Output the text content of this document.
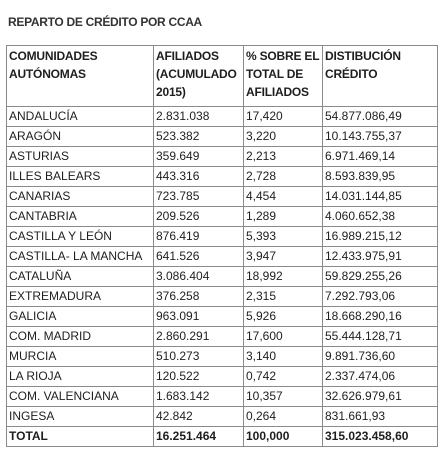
REPARTO DE CRÉDITO POR CCAA
COMUNIDADES AUTÓNOMAS	AFILIADOS (ACUMULADO 2015)	% SOBRE EL TOTAL DE AFILIADOS	DISTIBUCIÓN CRÉDITO
ANDALUCÍA	2.831.038	17,420	54.877.086,49
ARAGÓN	523.382	3,220	10.143.755,37
ASTURIAS	359.649	2,213	6.971.469,14
ILLES BALEARS	443.316	2,728	8.593.839,95
CANARIAS	723.785	4,454	14.031.144,85
CANTABRIA	209.526	1,289	4.060.652,38
CASTILLA Y LEÓN	876.419	5,393	16.989.215,12
CASTILLA- LA MANCHA	641.526	3,947	12.433.975,91
CATALUÑA	3.086.404	18,992	59.829.255,26
EXTREMADURA	376.258	2,315	7.292.793,06
GALICIA	963.091	5,926	18.668.290,16
COM. MADRID	2.860.291	17,600	55.444.128,71
MURCIA	510.273	3,140	9.891.736,60
LA RIOJA	120.522	0,742	2.337.474,06
COM. VALENCIANA	1.683.142	10,357	32.626.979,61
INGESA	42.842	0,264	831.661,93
TOTAL	16.251.464	100,000	315.023.458,60
